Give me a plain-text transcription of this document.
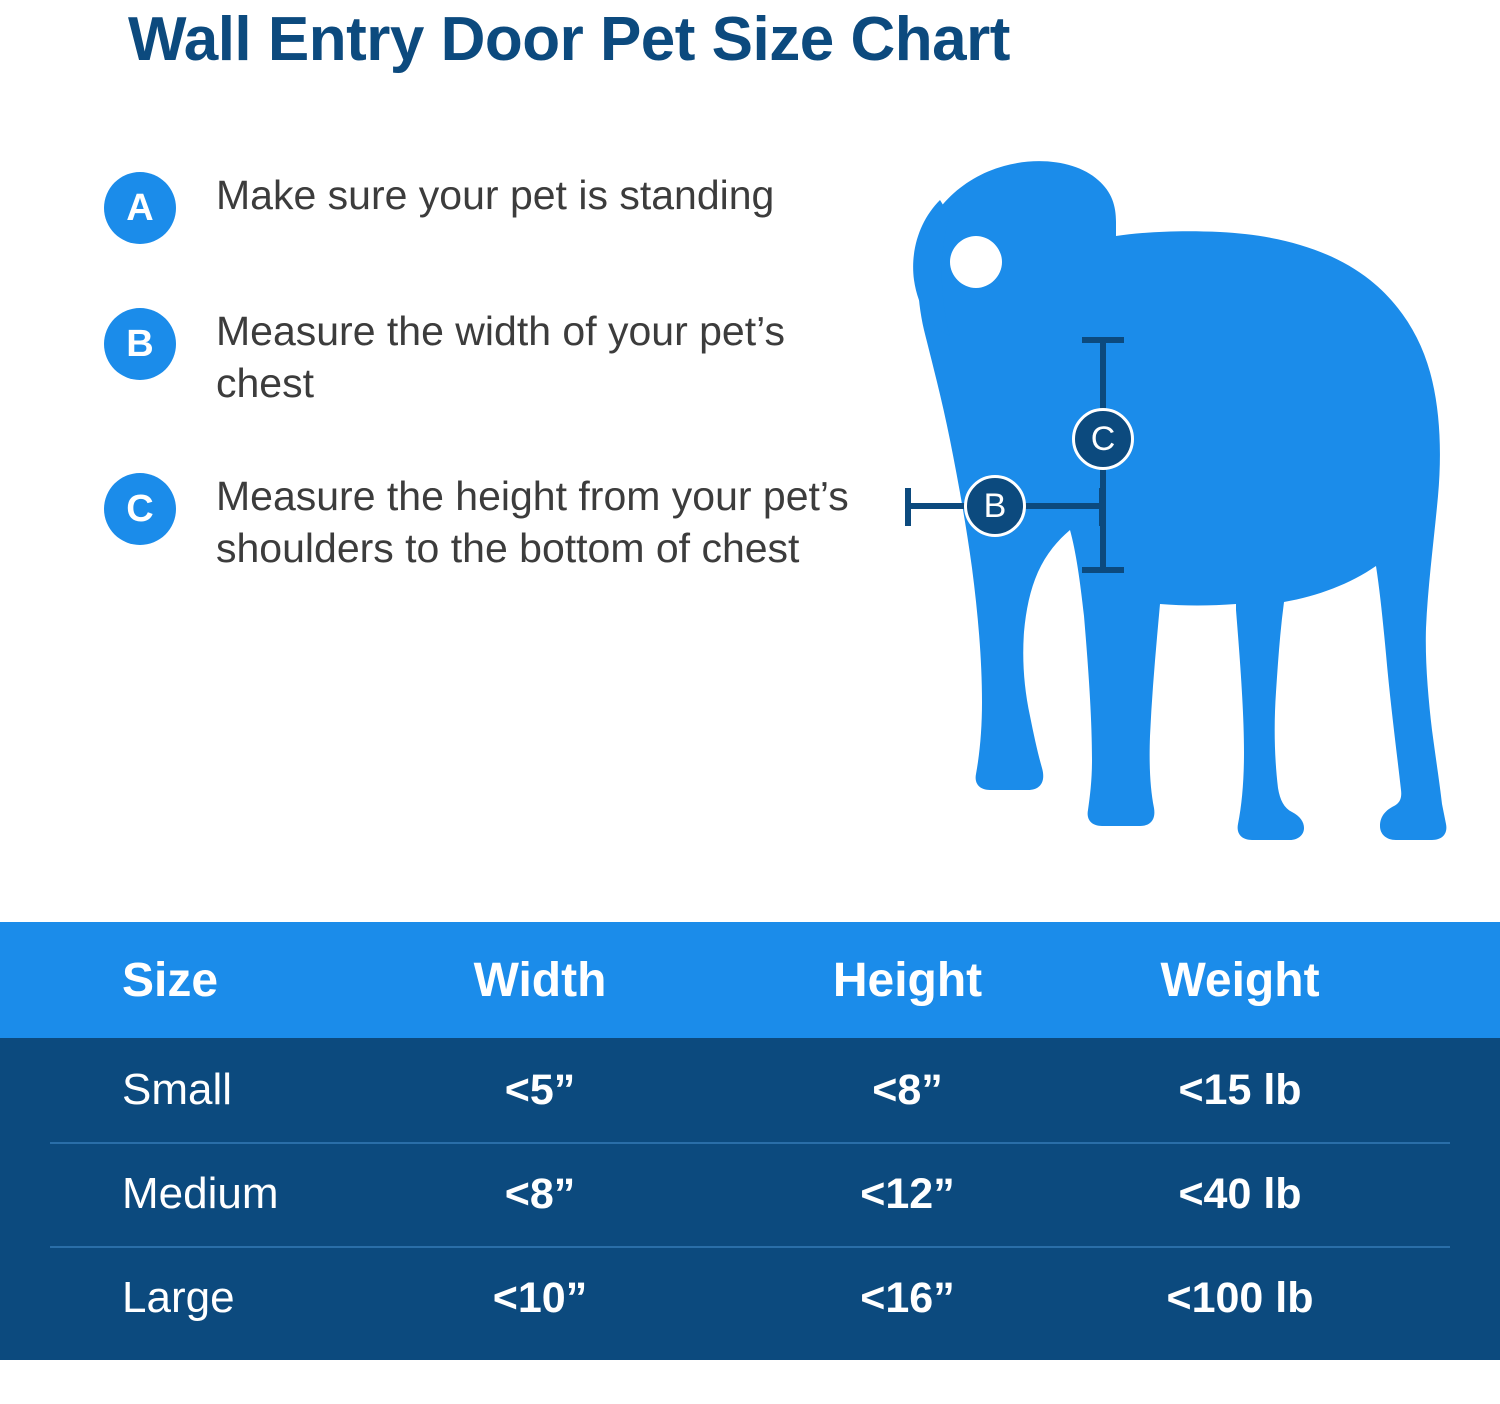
Wall Entry Door Pet Size Chart
A	Make sure your pet is standing
B	Measure the width of your pet’s chest
C	Measure the height from your pet’s shoulders to the bottom of chest
B
C
Size	Width	Height	Weight
Small	<5”	<8”	<15 lb
Medium	<8”	<12”	<40 lb
Large	<10”	<16”	<100 lb
